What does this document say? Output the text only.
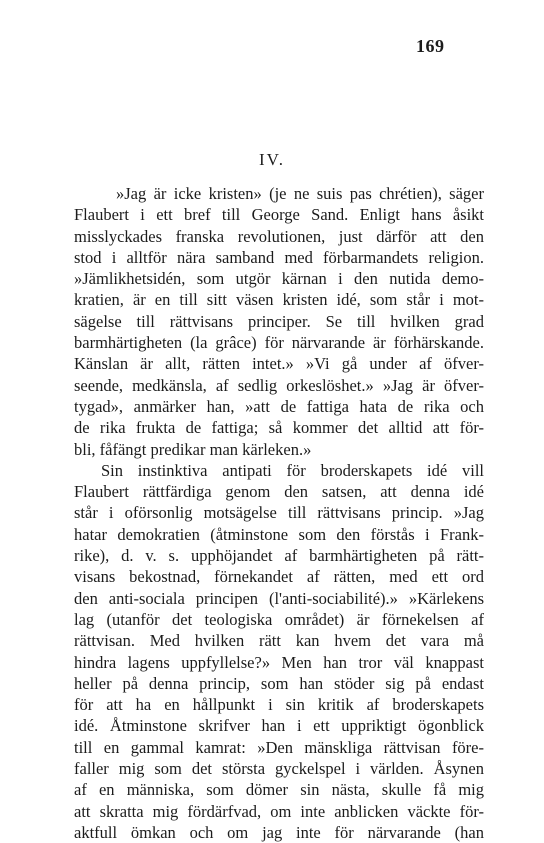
169
IV.
»Jag är icke kristen» (je ne suis pas chrétien), säger
Flaubert i ett bref till George Sand. Enligt hans åsikt
misslyckades franska revolutionen, just därför att den
stod i alltför nära samband med förbarmandets religion.
»Jämlikhetsidén, som utgör kärnan i den nutida demo-
kratien, är en till sitt väsen kristen idé, som står i mot-
sägelse till rättvisans principer. Se till hvilken grad
barmhärtigheten (la grâce) för närvarande är förhärskande.
Känslan är allt, rätten intet.» »Vi gå under af öfver-
seende, medkänsla, af sedlig orkeslöshet.» »Jag är öfver-
tygad», anmärker han, »att de fattiga hata de rika och
de rika frukta de fattiga; så kommer det alltid att för-
bli, fåfängt predikar man kärleken.»
Sin instinktiva antipati för broderskapets idé vill
Flaubert rättfärdiga genom den satsen, att denna idé
står i oförsonlig motsägelse till rättvisans princip. »Jag
hatar demokratien (åtminstone som den förstås i Frank-
rike), d. v. s. upphöjandet af barmhärtigheten på rätt-
visans bekostnad, förnekandet af rätten, med ett ord
den anti-sociala principen (l'anti-sociabilité).» »Kärlekens
lag (utanför det teologiska området) är förnekelsen af
rättvisan. Med hvilken rätt kan hvem det vara må
hindra lagens uppfyllelse?» Men han tror väl knappast
heller på denna princip, som han stöder sig på endast
för att ha en hållpunkt i sin kritik af broderskapets
idé. Åtminstone skrifver han i ett uppriktigt ögonblick
till en gammal kamrat: »Den mänskliga rättvisan före-
faller mig som det största gyckelspel i världen. Åsynen
af en människa, som dömer sin nästa, skulle få mig
att skratta mig fördärfvad, om inte anblicken väckte för-
aktfull ömkan och om jag inte för närvarande (han
